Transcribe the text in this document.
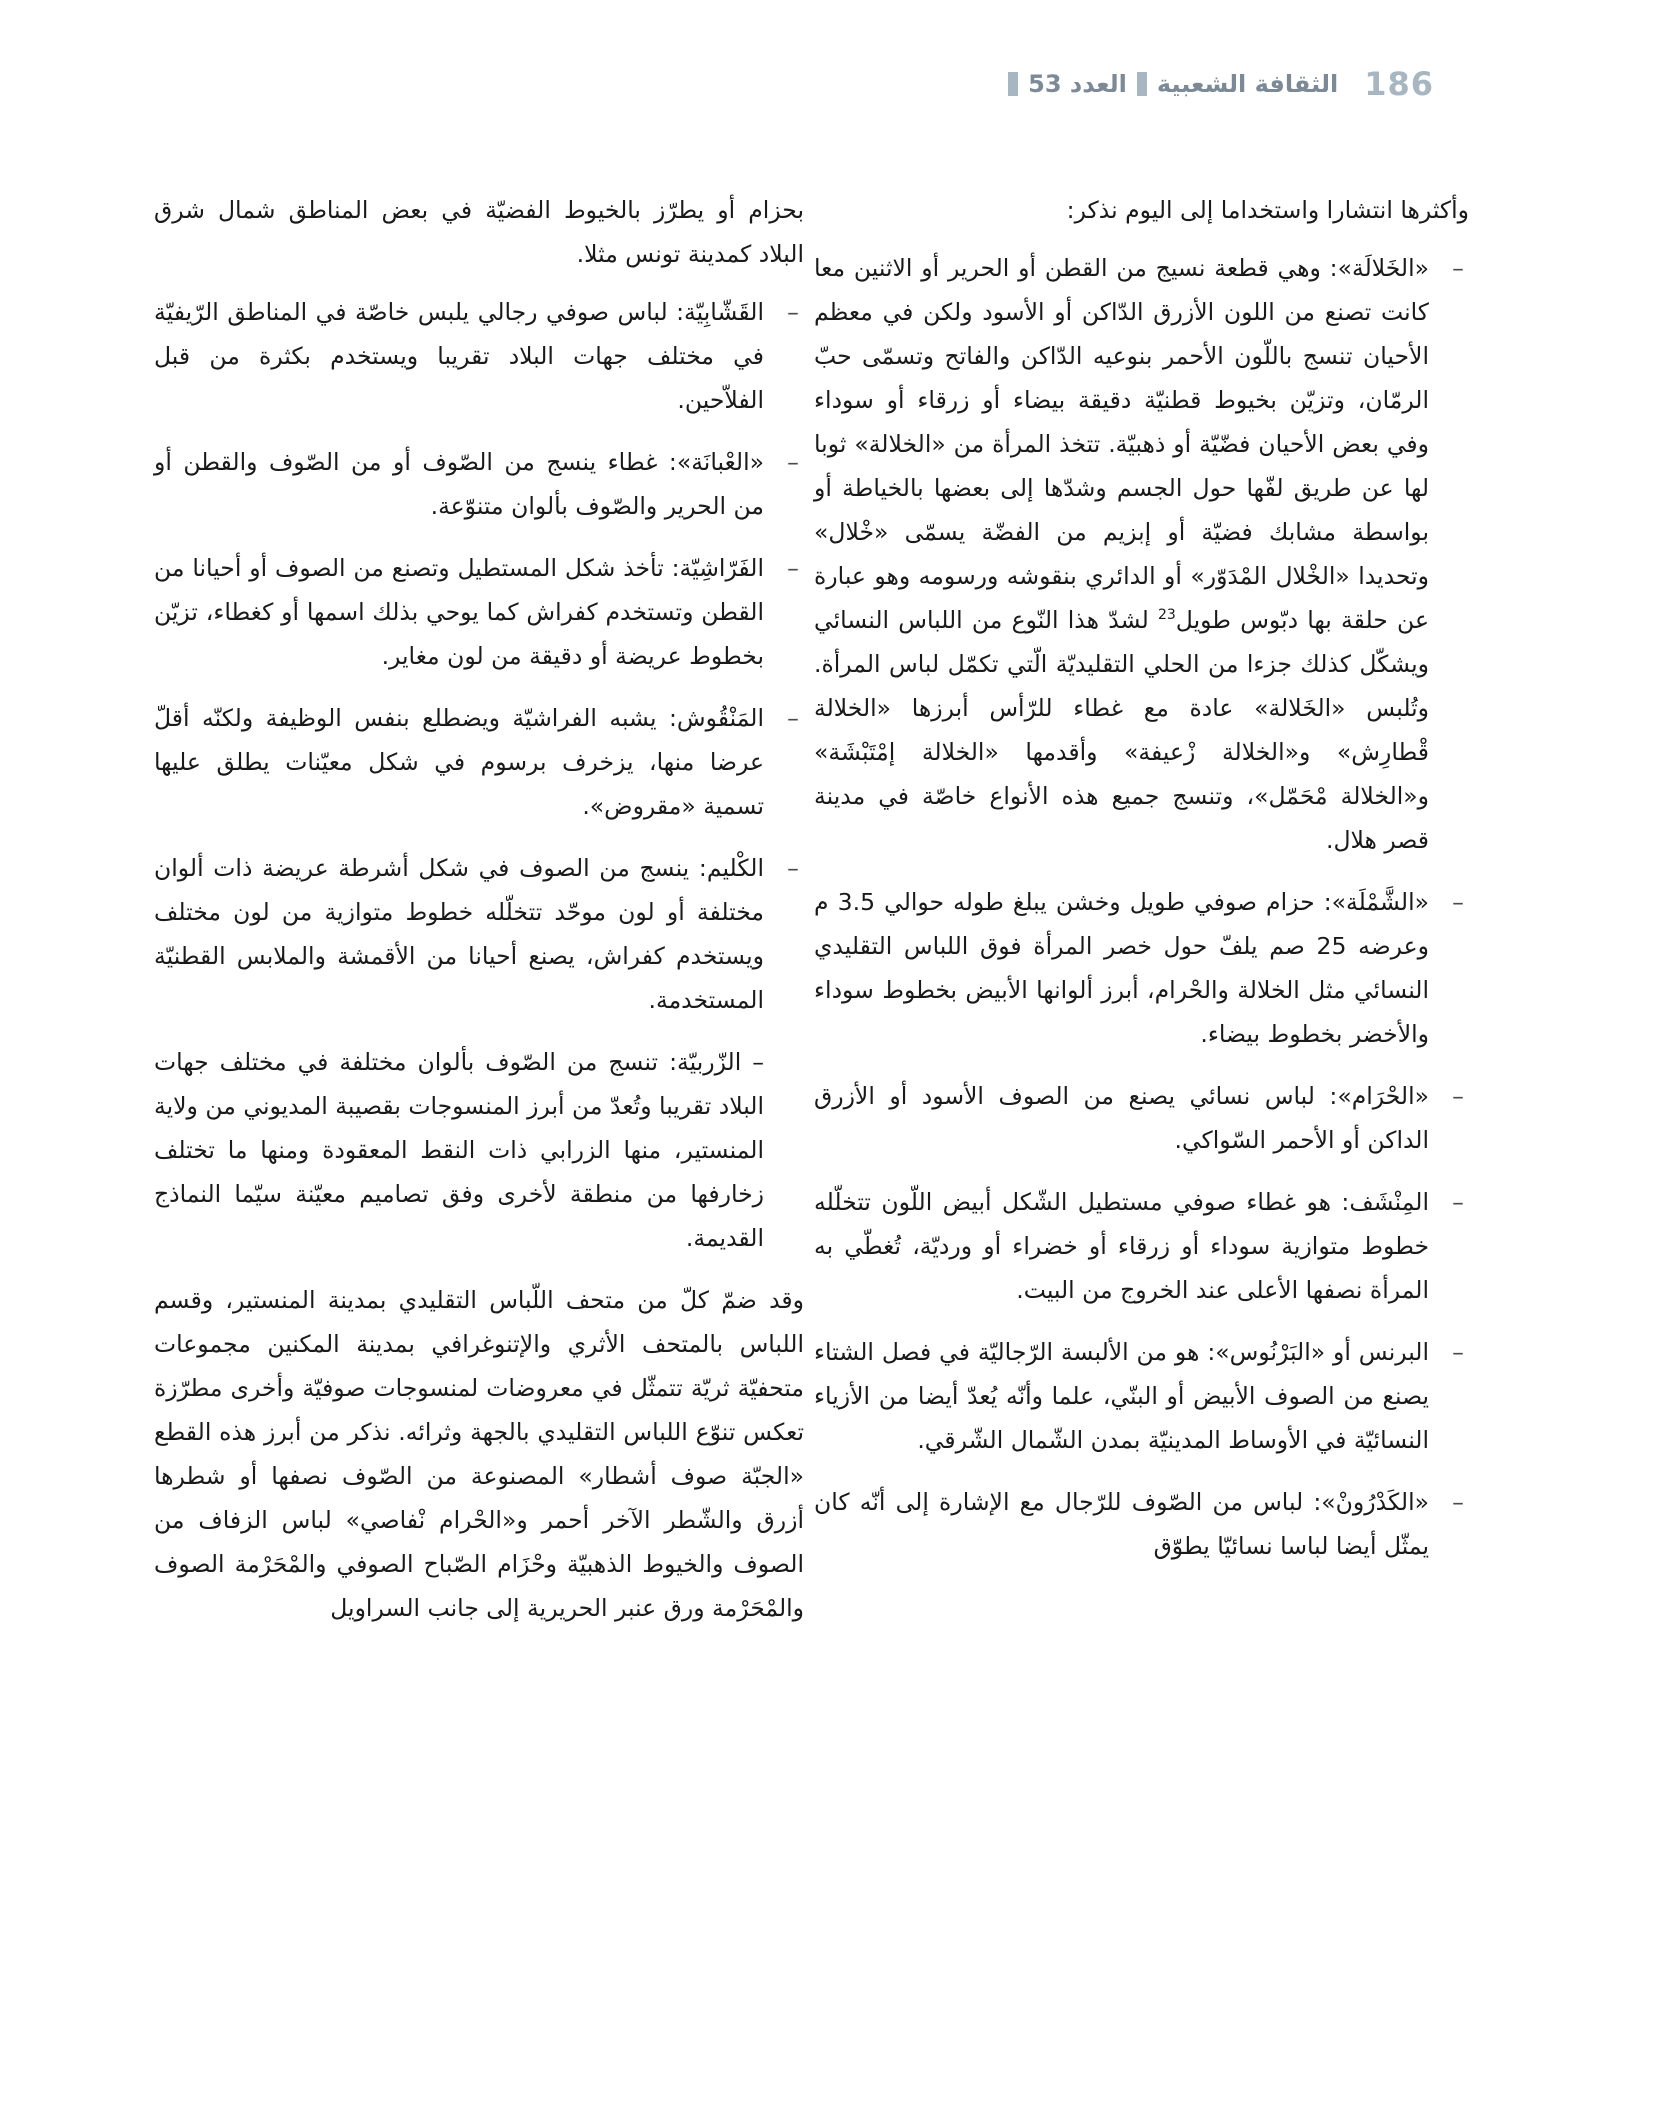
186
الثقافة الشعبية
العدد 53

وأكثرها انتشارا واستخداما إلى اليوم نذكر:

–
«الخَلالَة»: وهي قطعة نسيج من القطن أو الحرير أو الاثنين معا كانت تصنع من اللون الأزرق الدّاكن أو الأسود ولكن في معظم الأحيان تنسج باللّون الأحمر بنوعيه الدّاكن والفاتح وتسمّى حبّ الرمّان، وتزيّن بخيوط قطنيّة دقيقة بيضاء أو زرقاء أو سوداء وفي بعض الأحيان فضّيّة أو ذهبيّة. تتخذ المرأة من «الخلالة» ثوبا لها عن طريق لفّها حول الجسم وشدّها إلى بعضها بالخياطة أو بواسطة مشابك فضيّة أو إبزيم من الفضّة يسمّى «خْلال» وتحديدا «الخْلال المْدَوّر» أو الدائري بنقوشه ورسومه وهو عبارة عن حلقة بها دبّوس طويل$^{23}$ لشدّ هذا النّوع من اللباس النسائي ويشكّل كذلك جزءا من الحلي التقليديّة الّتي تكمّل لباس المرأة. وتُلبس «الخَلالة» عادة مع غطاء للرّأس أبرزها «الخلالة قْطارِش» و«الخلالة زْعيفة» وأقدمها «الخلالة إمْتَبْشَة» و«الخلالة مْحَمّل»، وتنسج جميع هذه الأنواع خاصّة في مدينة قصر هلال.
–
«الشَّمْلَة»: حزام صوفي طويل وخشن يبلغ طوله حوالي 3.5 م وعرضه 25 صم يلفّ حول خصر المرأة فوق اللباس التقليدي النسائي مثل الخلالة والحْرام، أبرز ألوانها الأبيض بخطوط سوداء والأخضر بخطوط بيضاء.
–
«الحْرَام»: لباس نسائي يصنع من الصوف الأسود أو الأزرق الداكن أو الأحمر السّواكي.
–
المِنْشَف: هو غطاء صوفي مستطيل الشّكل أبيض اللّون تتخلّله خطوط متوازية سوداء أو زرقاء أو خضراء أو ورديّة، تُغطّي به المرأة نصفها الأعلى عند الخروج من البيت.
–
البرنس أو «البَرْنُوس»: هو من الألبسة الرّجاليّة في فصل الشتاء يصنع من الصوف الأبيض أو البنّي، علما وأنّه يُعدّ أيضا من الأزياء النسائيّة في الأوساط المدينيّة بمدن الشّمال الشّرقي.
–
«الكَدْرُونْ»: لباس من الصّوف للرّجال مع الإشارة إلى أنّه كان يمثّل أيضا لباسا نسائيّا يطوّق

بحزام أو يطرّز بالخيوط الفضيّة في بعض المناطق شمال شرق البلاد كمدينة تونس مثلا.

–
القَشّابِيّة: لباس صوفي رجالي يلبس خاصّة في المناطق الرّيفيّة في مختلف جهات البلاد تقريبا ويستخدم بكثرة من قبل الفلاّحين.
–
«العْبانَة»: غطاء ينسج من الصّوف أو من الصّوف والقطن أو من الحرير والصّوف بألوان متنوّعة.
–
الفَرّاشِيّة: تأخذ شكل المستطيل وتصنع من الصوف أو أحيانا من القطن وتستخدم كفراش كما يوحي بذلك اسمها أو كغطاء، تزيّن بخطوط عريضة أو دقيقة من لون مغاير.
–
المَنْقُوش: يشبه الفراشيّة ويضطلع بنفس الوظيفة ولكنّه أقلّ عرضا منها، يزخرف برسوم في شكل معيّنات يطلق عليها تسمية «مقروض».
–
الكْليم: ينسج من الصوف في شكل أشرطة عريضة ذات ألوان مختلفة أو لون موحّد تتخلّله خطوط متوازية من لون مختلف ويستخدم كفراش، يصنع أحيانا من الأقمشة والملابس القطنيّة المستخدمة.
– الزّربيّة: تنسج من الصّوف بألوان مختلفة في مختلف جهات البلاد تقريبا وتُعدّ من أبرز المنسوجات بقصيبة المديوني من ولاية المنستير، منها الزرابي ذات النقط المعقودة ومنها ما تختلف زخارفها من منطقة لأخرى وفق تصاميم معيّنة سيّما النماذج القديمة.

وقد ضمّ كلّ من متحف اللّباس التقليدي بمدينة المنستير، وقسم اللباس بالمتحف الأثري والإتنوغرافي بمدينة المكنين مجموعات متحفيّة ثريّة تتمثّل في معروضات لمنسوجات صوفيّة وأخرى مطرّزة تعكس تنوّع اللباس التقليدي بالجهة وثرائه. نذكر من أبرز هذه القطع «الجبّة صوف أشطار» المصنوعة من الصّوف نصفها أو شطرها أزرق والشّطر الآخر أحمر و«الحْرام نْفاصي» لباس الزفاف من الصوف والخيوط الذهبيّة وحْزَام الصّباح الصوفي والمْحَرْمة الصوف والمْحَرْمة ورق عنبر الحريرية إلى جانب السراويل
